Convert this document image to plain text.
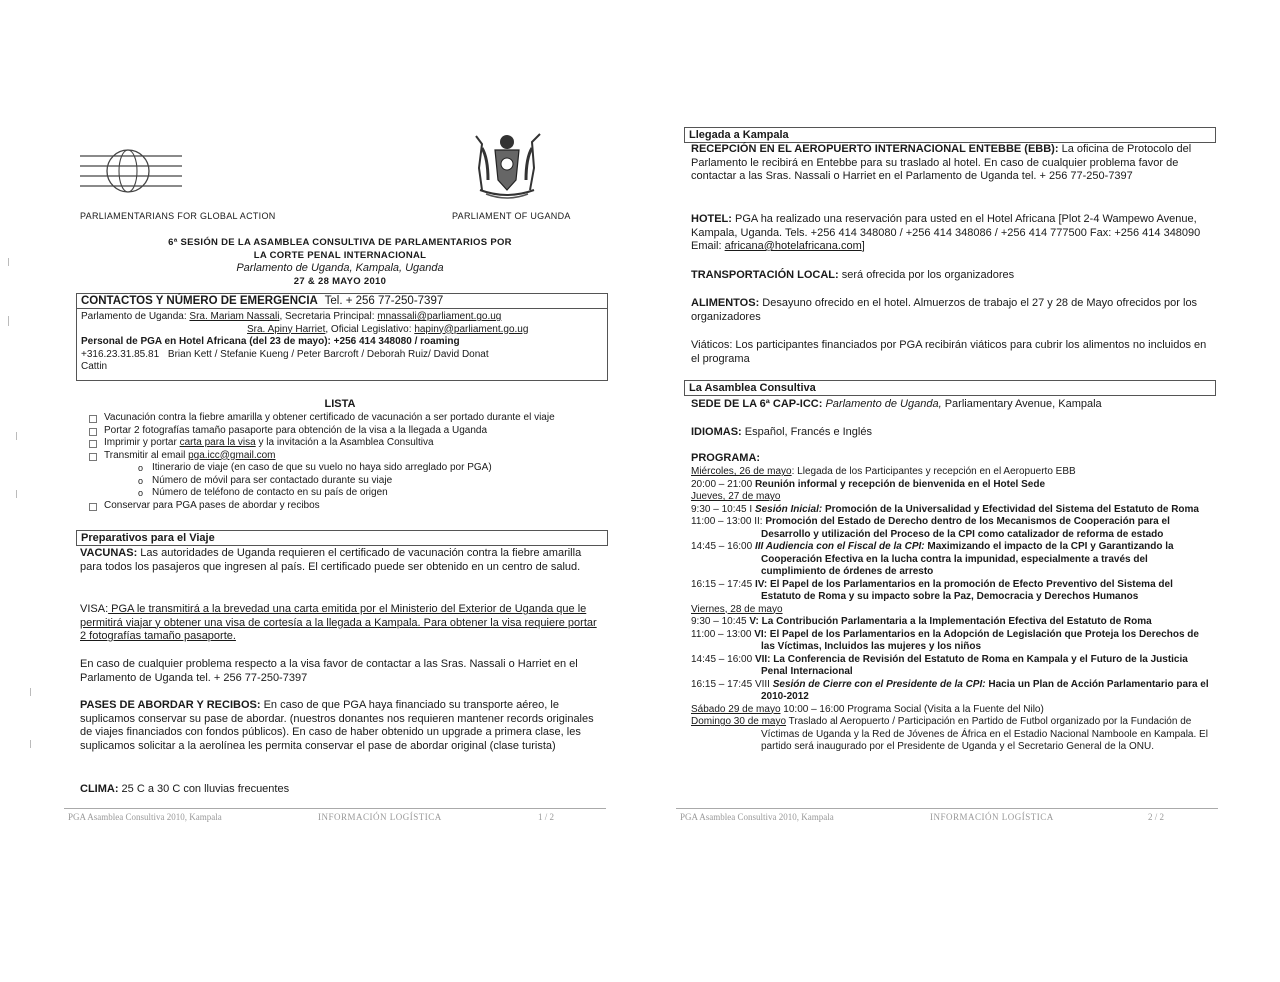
PARLIAMENTARIANS FOR GLOBAL ACTION	PARLIAMENT OF UGANDA
6ª SESIÓN DE LA ASAMBLEA CONSULTIVA DE PARLAMENTARIOS POR
LA CORTE PENAL INTERNACIONAL
Parlamento de Uganda, Kampala, Uganda
27 & 28 MAYO 2010
CONTACTOS Y NÚMERO DE EMERGENCIA Tel. + 256 77-250-7397
Parlamento de Uganda: Sra. Mariam Nassali, Secretaria Principal: mnassali@parliament.go.ug
Sra. Apiny Harriet, Oficial Legislativo: hapiny@parliament.go.ug
Personal de PGA en Hotel Africana (del 23 de mayo): +256 414 348080 / roaming
+316.23.31.85.81 Brian Kett / Stefanie Kueng / Peter Barcroft / Deborah Ruiz/ David Donat
Cattin
LISTA
Vacunación contra la fiebre amarilla y obtener certificado de vacunación a ser portado durante el viaje
Portar 2 fotografías tamaño pasaporte para obtención de la visa a la llegada a Uganda
Imprimir y portar carta para la visa y la invitación a la Asamblea Consultiva
Transmitir al email pga.icc@gmail.com
o Itinerario de viaje (en caso de que su vuelo no haya sido arreglado por PGA)
o Número de móvil para ser contactado durante su viaje
o Número de teléfono de contacto en su país de origen
Conservar para PGA pases de abordar y recibos
Preparativos para el Viaje
VACUNAS: Las autoridades de Uganda requieren el certificado de vacunación contra la fiebre amarilla para todos los pasajeros que ingresen al país. El certificado puede ser obtenido en un centro de salud.
VISA: PGA le transmitirá a la brevedad una carta emitida por el Ministerio del Exterior de Uganda que le permitirá viajar y obtener una visa de cortesía a la llegada a Kampala. Para obtener la visa requiere portar 2 fotografías tamaño pasaporte.
En caso de cualquier problema respecto a la visa favor de contactar a las Sras. Nassali o Harriet en el Parlamento de Uganda tel. + 256 77-250-7397
PASES DE ABORDAR Y RECIBOS: En caso de que PGA haya financiado su transporte aéreo, le suplicamos conservar su pase de abordar. (nuestros donantes nos requieren mantener records originales de viajes financiados con fondos públicos). En caso de haber obtenido un upgrade a primera clase, les suplicamos solicitar a la aerolínea les permita conservar el pase de abordar original (clase turista)
CLIMA: 25 C a 30 C con lluvias frecuentes
PGA Asamblea Consultiva 2010, Kampala	INFORMACIÓN LOGÍSTICA	1 / 2
Llegada a Kampala
RECEPCIÓN EN EL AEROPUERTO INTERNACIONAL ENTEBBE (EBB): La oficina de Protocolo del Parlamento le recibirá en Entebbe para su traslado al hotel. En caso de cualquier problema favor de contactar a las Sras. Nassali o Harriet en el Parlamento de Uganda tel. + 256 77-250-7397
HOTEL: PGA ha realizado una reservación para usted en el Hotel Africana [Plot 2-4 Wampewo Avenue, Kampala, Uganda. Tels. +256 414 348080 / +256 414 348086 / +256 414 777500 Fax: +256 414 348090 Email: africana@hotelafricana.com]
TRANSPORTACIÓN LOCAL: será ofrecida por los organizadores
ALIMENTOS: Desayuno ofrecido en el hotel. Almuerzos de trabajo el 27 y 28 de Mayo ofrecidos por los organizadores
Viáticos: Los participantes financiados por PGA recibirán viáticos para cubrir los alimentos no incluidos en el programa
La Asamblea Consultiva
SEDE DE LA 6ª CAP-ICC: Parlamento de Uganda, Parliamentary Avenue, Kampala
IDIOMAS: Español, Francés e Inglés
PROGRAMA:
Miércoles, 26 de mayo: Llegada de los Participantes y recepción en el Aeropuerto EBB
20:00 – 21:00 Reunión informal y recepción de bienvenida en el Hotel Sede
Jueves, 27 de mayo
9:30 – 10:45 I Sesión Inicial: Promoción de la Universalidad y Efectividad del Sistema del Estatuto de Roma
11:00 – 13:00 II: Promoción del Estado de Derecho dentro de los Mecanismos de Cooperación para el Desarrollo y utilización del Proceso de la CPI como catalizador de reforma de estado
14:45 – 16:00 III Audiencia con el Fiscal de la CPI: Maximizando el impacto de la CPI y Garantizando la Cooperación Efectiva en la lucha contra la impunidad, especialmente a través del cumplimiento de órdenes de arresto
16:15 – 17:45 IV: El Papel de los Parlamentarios en la promoción de Efecto Preventivo del Sistema del Estatuto de Roma y su impacto sobre la Paz, Democracia y Derechos Humanos
Viernes, 28 de mayo
9:30 – 10:45 V: La Contribución Parlamentaria a la Implementación Efectiva del Estatuto de Roma
11:00 – 13:00 VI: El Papel de los Parlamentarios en la Adopción de Legislación que Proteja los Derechos de las Víctimas, Incluidos las mujeres y los niños
14:45 – 16:00 VII: La Conferencia de Revisión del Estatuto de Roma en Kampala y el Futuro de la Justicia Penal Internacional
16:15 – 17:45 VIII Sesión de Cierre con el Presidente de la CPI: Hacia un Plan de Acción Parlamentario para el 2010-2012
Sábado 29 de mayo 10:00 – 16:00 Programa Social (Visita a la Fuente del Nilo)
Domingo 30 de mayo Traslado al Aeropuerto / Participación en Partido de Futbol organizado por la Fundación de Víctimas de Uganda y la Red de Jóvenes de África en el Estadio Nacional Namboole en Kampala. El partido será inaugurado por el Presidente de Uganda y el Secretario General de la ONU.
PGA Asamblea Consultiva 2010, Kampala	INFORMACIÓN LOGÍSTICA	2 / 2
